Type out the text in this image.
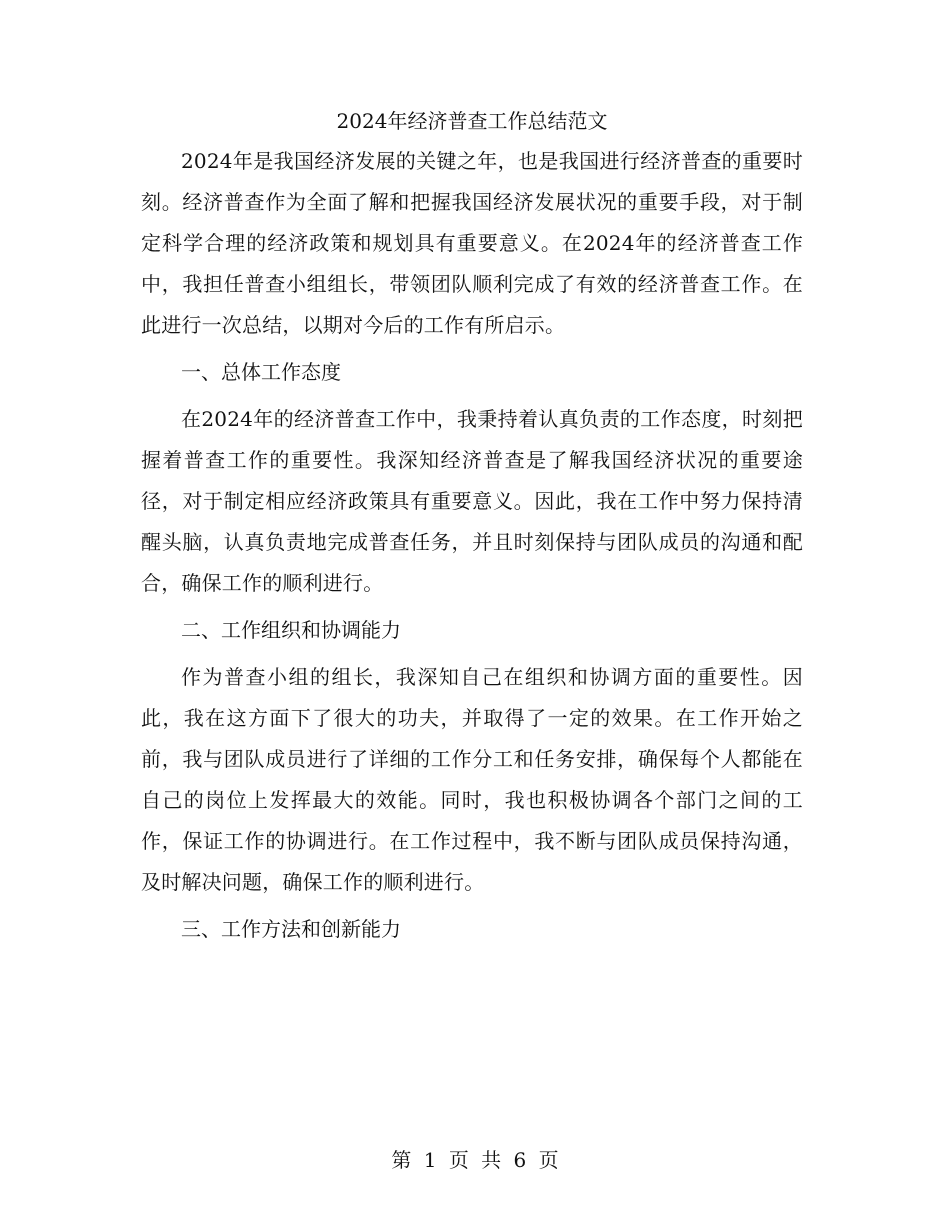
2024年经济普查工作总结范文

2024年是我国经济发展的关键之年，也是我国进行经济普查的重要时刻。经济普查作为全面了解和把握我国经济发展状况的重要手段，对于制定科学合理的经济政策和规划具有重要意义。在2024年的经济普查工作中，我担任普查小组组长，带领团队顺利完成了有效的经济普查工作。在此进行一次总结，以期对今后的工作有所启示。

一、总体工作态度

在2024年的经济普查工作中，我秉持着认真负责的工作态度，时刻把握着普查工作的重要性。我深知经济普查是了解我国经济状况的重要途径，对于制定相应经济政策具有重要意义。因此，我在工作中努力保持清醒头脑，认真负责地完成普查任务，并且时刻保持与团队成员的沟通和配合，确保工作的顺利进行。

二、工作组织和协调能力

作为普查小组的组长，我深知自己在组织和协调方面的重要性。因此，我在这方面下了很大的功夫，并取得了一定的效果。在工作开始之前，我与团队成员进行了详细的工作分工和任务安排，确保每个人都能在自己的岗位上发挥最大的效能。同时，我也积极协调各个部门之间的工作，保证工作的协调进行。在工作过程中，我不断与团队成员保持沟通，及时解决问题，确保工作的顺利进行。

三、工作方法和创新能力

第 1 页 共 6 页
